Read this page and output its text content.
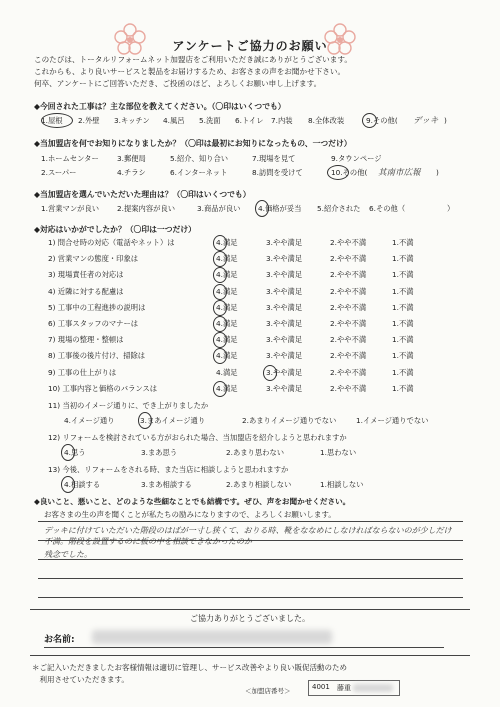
アンケートご協力のお願い
このたびは、トータルリフォームネット加盟店をご利用いただき誠にありがとうございます。
これからも、より良いサービスと製品をお届けするため、お客さまの声をお聞かせ下さい。
何卒、アンケートにご回答いただき、ご投函のほど、よろしくお願い申し上げます。
◆今回された工事は？主な部位を教えてください。（〇印はいくつでも）
1.屋根 2.外壁 3.キッチン 4.風呂 5.洗面 6.トイレ 7.内装 8.全体改装	9.その他( デッキ )
◆当加盟店を何でお知りになりましたか？（〇印は最初にお知りになったもの、一つだけ）
1.ホームセンター	3.郵便局	5.紹介、知り合い	7.現場を見て	9.タウンページ
2.スーパー	4.チラシ	6.インターネット	8.訪問を受けて	10.その他( 其南市広報 )
◆当加盟店を選んでいただいた理由は？（〇印はいくつでも）
1.営業マンが良い 2.提案内容が良い	3.商品が良い 4.価格が妥当 5.紹介された 6.その他（	）
◆対応はいかがでしたか？（〇印は一つだけ）
1) 問合せ時の対応（電話やネット）は	4.満足	3.やや満足	2.やや不満	1.不満
2) 営業マンの態度・印象は	4.満足	3.やや満足	2.やや不満	1.不満
3) 現場責任者の対応は	4.満足	3.やや満足	2.やや不満	1.不満
4) 近隣に対する配慮は	4.満足	3.やや満足	2.やや不満	1.不満
5) 工事中の工程進捗の説明は	4.満足	3.やや満足	2.やや不満	1.不満
6) 工事スタッフのマナーは	4.満足	3.やや満足	2.やや不満	1.不満
7) 現場の整理・整頓は	4.満足	3.やや満足	2.やや不満	1.不満
8) 工事後の後片付け、掃除は	4.満足	3.やや満足	2.やや不満	1.不満
9) 工事の仕上がりは	4.満足	3.やや満足	2.やや不満	1.不満
10) 工事内容と価格のバランスは	4.満足	3.やや満足	2.やや不満	1.不満
11) 当初のイメージ通りに、でき上がりましたか
4.イメージ通り	3.まあイメージ通り	2.あまりイメージ通りでない	1.イメージ通りでない
12) リフォームを検討されている方がおられた場合、当加盟店を紹介しようと思われますか
4.思う	3.まあ思う	2.あまり思わない	1.思わない
13) 今後、リフォームをされる時、また当店に相談しようと思われますか
4.相談する	3.まあ相談する	2.あまり相談しない	1.相談しない
◆良いこと、悪いこと、どのような些細なことでも結構です。ぜひ、声をお聞かせください。
お客さまの生の声を聞くことが私たちの励みになりますので、よろしくお願いします。
デッキに付けていただいた階段のはばが一寸し狭くて、おりる時、靴をななめにしなければならないのが少しだけ不満。階段を設置するのに板の中を相談できなかったのか
残念でした。
ご協力ありがとうございました。
お名前:
＊ご記入いただきましたお客様情報は適切に管理し、サービス改善やより良い販促活動のため
　利用させていただきます。
＜加盟店番号＞	4001 藤重
